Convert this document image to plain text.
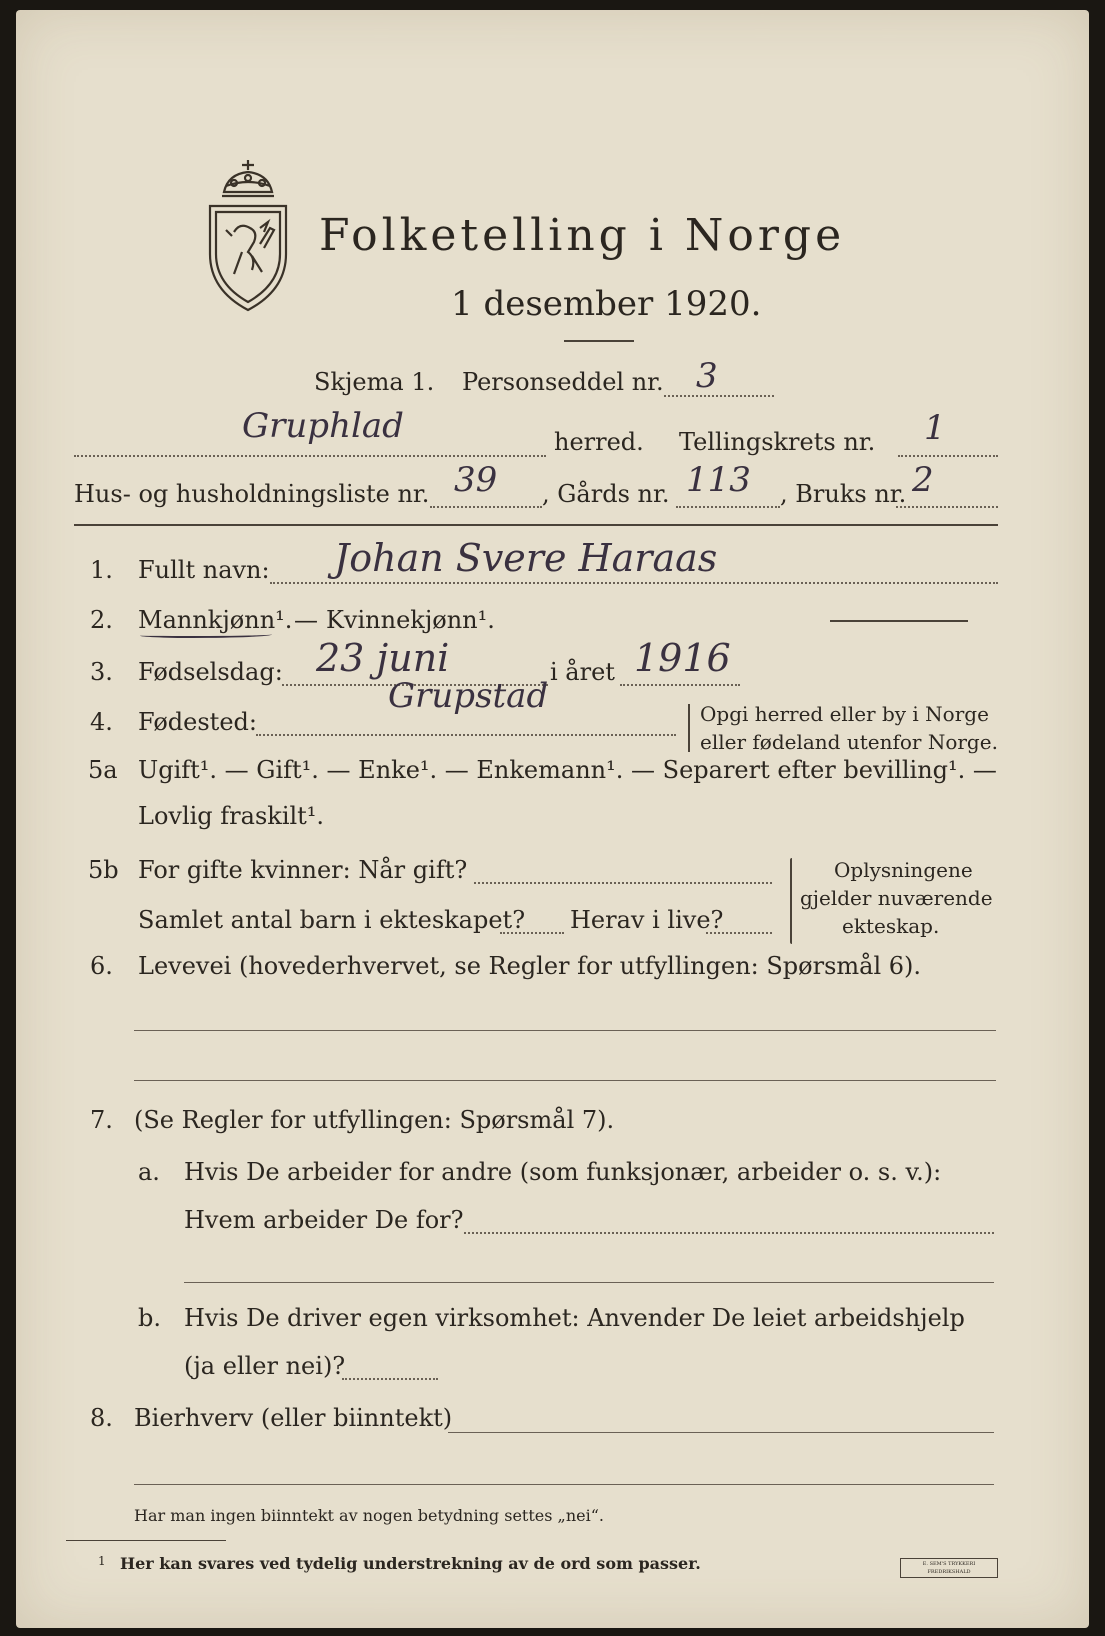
Folketelling i Norge
1 desember 1920.
Skjema 1. Personseddel nr. 3
Gruphlad	herred. Tellingskrets nr. 1
Hus- og husholdningsliste nr. 39 , Gårds nr. 113 , Bruks nr. 2
1. Fullt navn: Johan Svere Haraas
2. Mannkjønn¹. — Kvinnekjønn¹.
3. Fødselsdag: 23 juni	i året 1916
4. Fødested:
Grupstad	Opgi herred eller by i Norge
eller fødeland utenfor Norge.
5a Ugift¹. — Gift¹. — Enke¹. — Enkemann¹. — Separert efter bevilling¹. —
Lovlig fraskilt¹.
5b For gifte kvinner: Når gift?
Samlet antal barn i ekteskapet? Herav i live?
Oplysningene
gjelder nuværende
ekteskap.
6. Levevei (hovederhvervet, se Regler for utfyllingen: Spørsmål 6).
7. (Se Regler for utfyllingen: Spørsmål 7).
a. Hvis De arbeider for andre (som funksjonær, arbeider o. s. v.):
Hvem arbeider De for?
b. Hvis De driver egen virksomhet: Anvender De leiet arbeidshjelp
(ja eller nei)?
8. Bierhverv (eller biinntekt)
Har man ingen biinntekt av nogen betydning settes „nei“.
1 Her kan svares ved tydelig understrekning av de ord som passer.	E. SEM'S TRYKKERI FREDRIKSHALD
